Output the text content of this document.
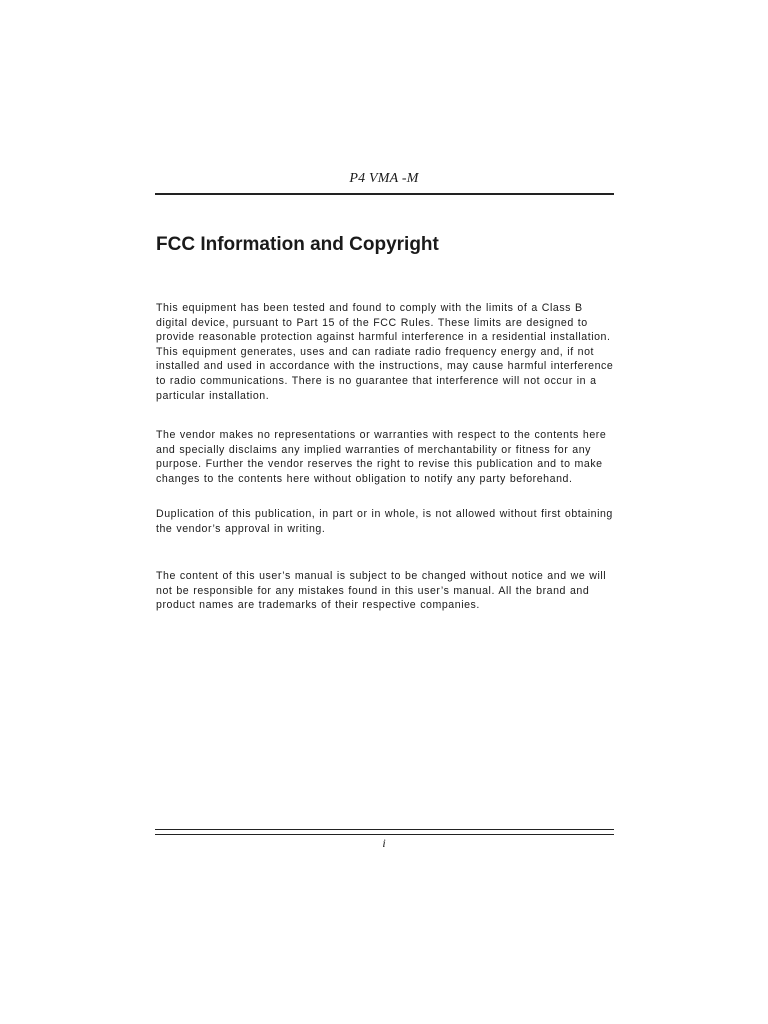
P4 VMA -M
FCC Information and Copyright

This equipment has been tested and found to comply with the limits of a Class B digital device, pursuant to Part 15 of the FCC Rules. These limits are designed to provide reasonable protection against harmful interference in a residential installation. This equipment generates, uses and can radiate radio frequency energy and, if not installed and used in accordance with the instructions, may cause harmful interference to radio communications. There is no guarantee that interference will not occur in a particular installation.

The vendor makes no representations or warranties with respect to the contents here and specially disclaims any implied warranties of merchantability or fitness for any purpose. Further the vendor reserves the right to revise this publication and to make changes to the contents here without obligation to notify any party beforehand.

Duplication of this publication, in part or in whole, is not allowed without first obtaining the vendor’s approval in writing.

The content of this user’s manual is subject to be changed without notice and we will not be responsible for any mistakes found in this user’s manual. All the brand and product names are trademarks of their respective companies.

i
